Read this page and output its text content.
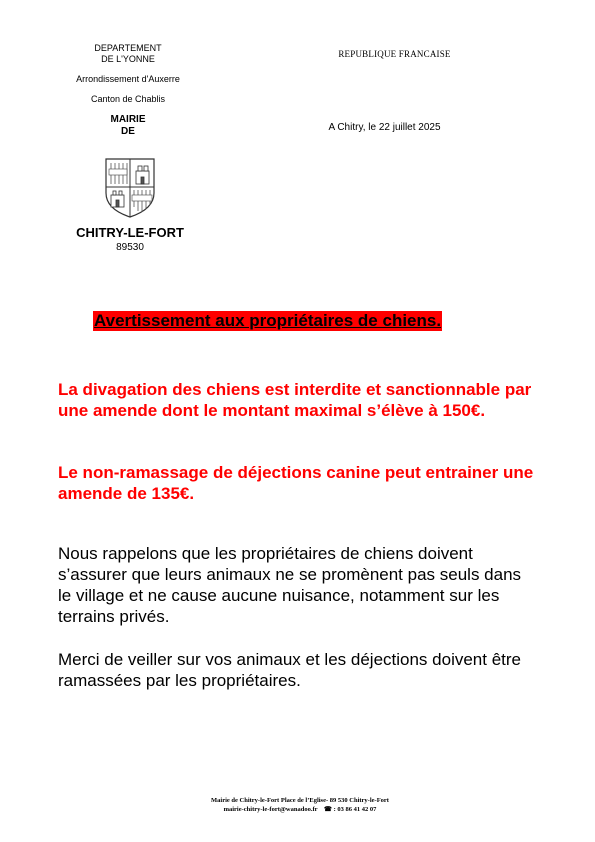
DEPARTEMENT
DE L'YONNE
Arrondissement d'Auxerre
Canton de Chablis
MAIRIE
DE
REPUBLIQUE FRANCAISE
A Chitry, le 22 juillet 2025
CHITRY-LE-FORT
89530
Avertissement aux propriétaires de chiens.
La divagation des chiens est interdite et sanctionnable par une amende dont le montant maximal s’élève à 150€.
Le non-ramassage de déjections canine peut entrainer une amende de 135€.
Nous rappelons que les propriétaires de chiens doivent s’assurer que leurs animaux ne se promènent pas seuls dans le village et ne cause aucune nuisance, notamment sur les terrains privés.
Merci de veiller sur vos animaux et les déjections doivent être ramassées par les propriétaires.
Mairie de Chitry-le-Fort Place de l’Eglise- 89 530 Chitry-le-Fort
mairie-chitry-le-fort@wanadoo.fr ☎ : 03 86 41 42 07
